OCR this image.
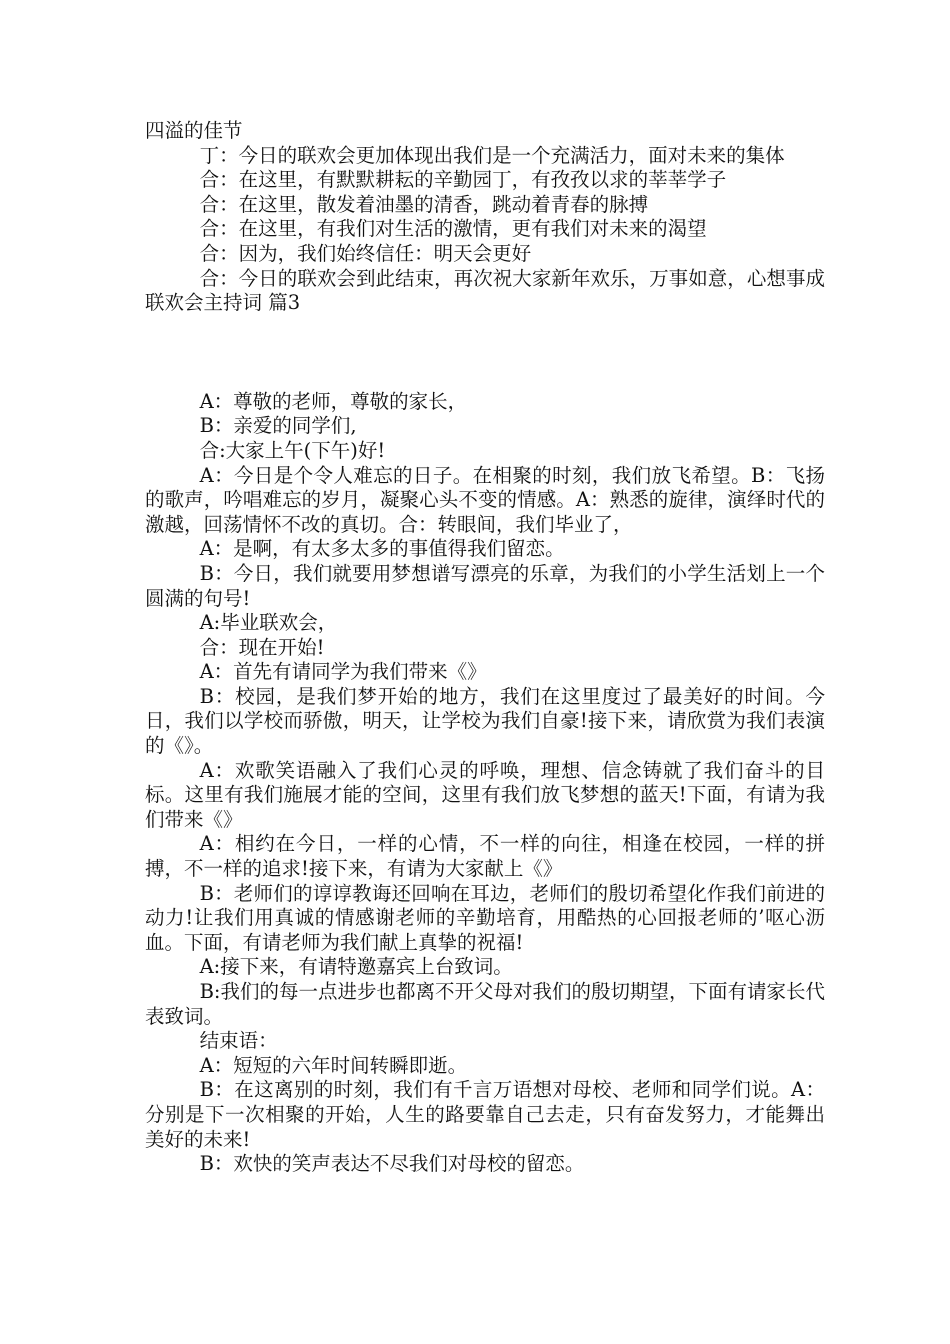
四溢的佳节

丁：今日的联欢会更加体现出我们是一个充满活力，面对未来的集体

合：在这里，有默默耕耘的辛勤园丁，有孜孜以求的莘莘学子

合：在这里，散发着油墨的清香，跳动着青春的脉搏

合：在这里，有我们对生活的激情，更有我们对未来的渴望

合：因为，我们始终信任：明天会更好

合：今日的联欢会到此结束，再次祝大家新年欢乐，万事如意，心想事成联欢会主持词 篇3

A：尊敬的老师，尊敬的家长，

B：亲爱的同学们,

合:大家上午(下午)好!

A：今日是个令人难忘的日子。在相聚的时刻，我们放飞希望。B：飞扬的歌声，吟唱难忘的岁月，凝聚心头不变的情感。A：熟悉的旋律，演绎时代的激越，回荡情怀不改的真切。合：转眼间，我们毕业了，

A：是啊，有太多太多的事值得我们留恋。

B：今日，我们就要用梦想谱写漂亮的乐章，为我们的小学生活划上一个圆满的句号!

A:毕业联欢会，

合：现在开始!

A：首先有请同学为我们带来《》

B：校园，是我们梦开始的地方，我们在这里度过了最美好的时间。今日，我们以学校而骄傲，明天，让学校为我们自豪!接下来，请欣赏为我们表演的《》。

A：欢歌笑语融入了我们心灵的呼唤，理想、信念铸就了我们奋斗的目标。这里有我们施展才能的空间，这里有我们放飞梦想的蓝天!下面，有请为我们带来《》

A：相约在今日，一样的心情，不一样的向往，相逢在校园，一样的拼搏，不一样的追求!接下来，有请为大家献上《》

B：老师们的谆谆教诲还回响在耳边，老师们的殷切希望化作我们前进的动力!让我们用真诚的情感谢老师的辛勤培育，用酷热的心回报老师的’呕心沥血。下面，有请老师为我们献上真挚的祝福!

A:接下来，有请特邀嘉宾上台致词。

B:我们的每一点进步也都离不开父母对我们的殷切期望，下面有请家长代表致词。

结束语：

A：短短的六年时间转瞬即逝。

B：在这离别的时刻，我们有千言万语想对母校、老师和同学们说。A：分别是下一次相聚的开始，人生的路要靠自己去走，只有奋发努力，才能舞出美好的未来!

B：欢快的笑声表达不尽我们对母校的留恋。
